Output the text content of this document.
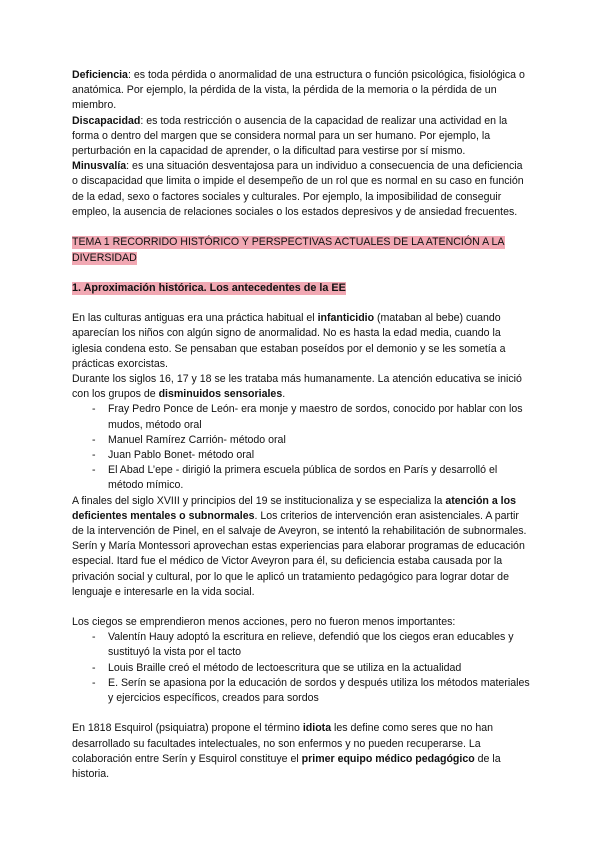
Deficiencia: es toda pérdida o anormalidad de una estructura o función psicológica, fisiológica o anatómica. Por ejemplo, la pérdida de la vista, la pérdida de la memoria o la pérdida de un miembro.

Discapacidad: es toda restricción o ausencia de la capacidad de realizar una actividad en la forma o dentro del margen que se considera normal para un ser humano. Por ejemplo, la perturbación en la capacidad de aprender, o la dificultad para vestirse por sí mismo.

Minusvalía: es una situación desventajosa para un individuo a consecuencia de una deficiencia o discapacidad que limita o impide el desempeño de un rol que es normal en su caso en función de la edad, sexo o factores sociales y culturales. Por ejemplo, la imposibilidad de conseguir empleo, la ausencia de relaciones sociales o los estados depresivos y de ansiedad frecuentes.

TEMA 1 RECORRIDO HISTÓRICO Y PERSPECTIVAS ACTUALES DE LA ATENCIÓN A LA DIVERSIDAD

1. Aproximación histórica. Los antecedentes de la EE

En las culturas antiguas era una práctica habitual el infanticidio (mataban al bebe) cuando aparecían los niños con algún signo de anormalidad. No es hasta la edad media, cuando la iglesia condena esto. Se pensaban que estaban poseídos por el demonio y se les sometía a prácticas exorcistas.

Durante los siglos 16, 17 y 18 se les trataba más humanamente. La atención educativa se inició con los grupos de disminuidos sensoriales.

- Fray Pedro Ponce de León- era monje y maestro de sordos, conocido por hablar con los mudos, método oral
- Manuel Ramírez Carrión- método oral
- Juan Pablo Bonet- método oral
- El Abad L’epe - dirigió la primera escuela pública de sordos en París y desarrolló el método mímico.

A finales del siglo XVIII y principios del 19 se institucionaliza y se especializa la atención a los deficientes mentales o subnormales. Los criterios de intervención eran asistenciales. A partir de la intervención de Pinel, en el salvaje de Aveyron, se intentó la rehabilitación de subnormales. Serín y María Montessori aprovechan estas experiencias para elaborar programas de educación especial. Itard fue el médico de Victor Aveyron para él, su deficiencia estaba causada por la privación social y cultural, por lo que le aplicó un tratamiento pedagógico para lograr dotar de lenguaje e interesarle en la vida social.

Los ciegos se emprendieron menos acciones, pero no fueron menos importantes:

- Valentín Hauy adoptó la escritura en relieve, defendió que los ciegos eran educables y sustituyó la vista por el tacto
- Louis Braille creó el método de lectoescritura que se utiliza en la actualidad
- E. Serín se apasiona por la educación de sordos y después utiliza los métodos materiales y ejercicios específicos, creados para sordos

En 1818 Esquirol (psiquiatra) propone el término idiota les define como seres que no han desarrollado su facultades intelectuales, no son enfermos y no pueden recuperarse. La colaboración entre Serín y Esquirol constituye el primer equipo médico pedagógico de la historia.
